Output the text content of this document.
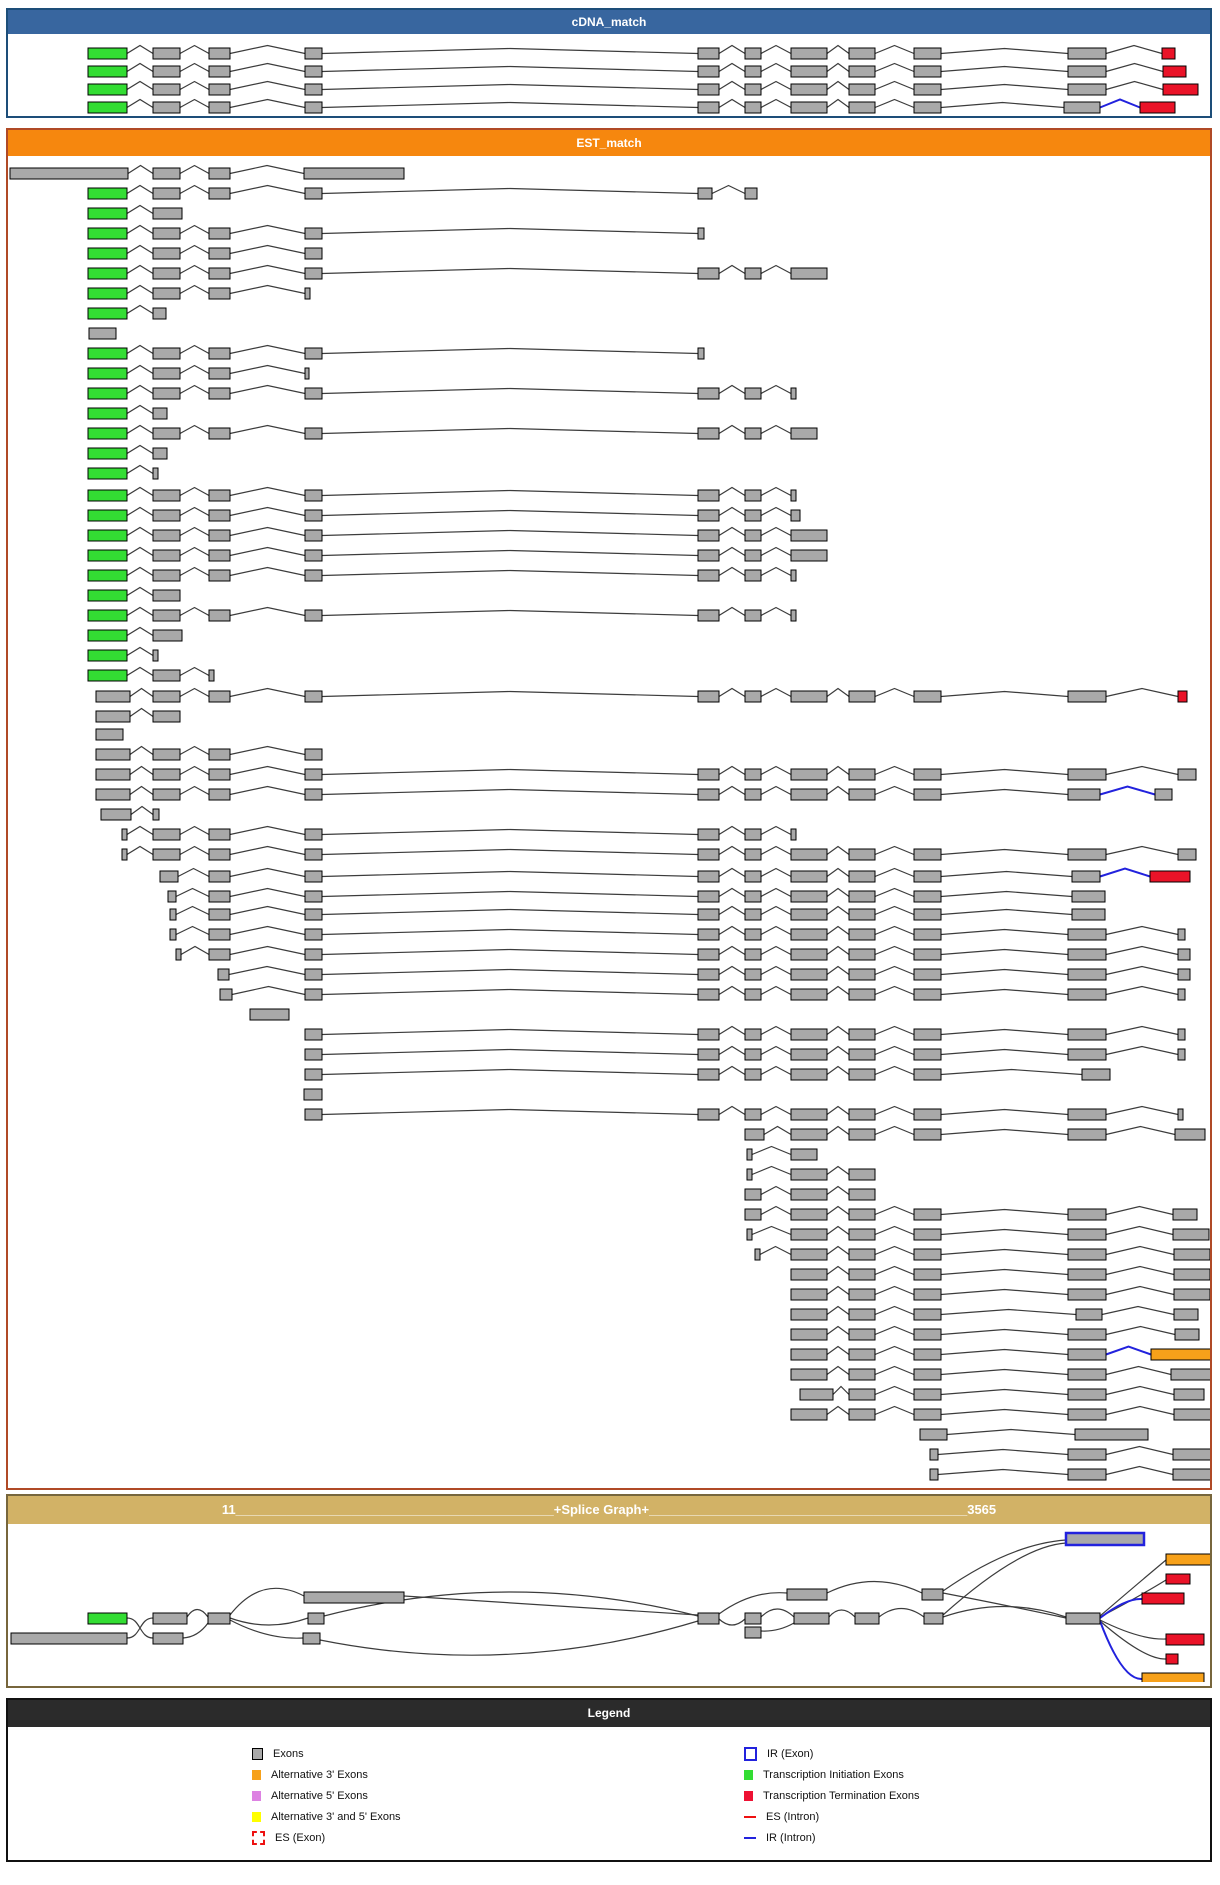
cDNA_match
EST_match
11____________________________________________+Splice Graph+____________________________________________3565
Legend
Exons
Alternative 3' Exons
Alternative 5' Exons
Alternative 3' and 5' Exons
ES (Exon)
IR (Exon)
Transcription Initiation Exons
Transcription Termination Exons
ES (Intron)
IR (Intron)
